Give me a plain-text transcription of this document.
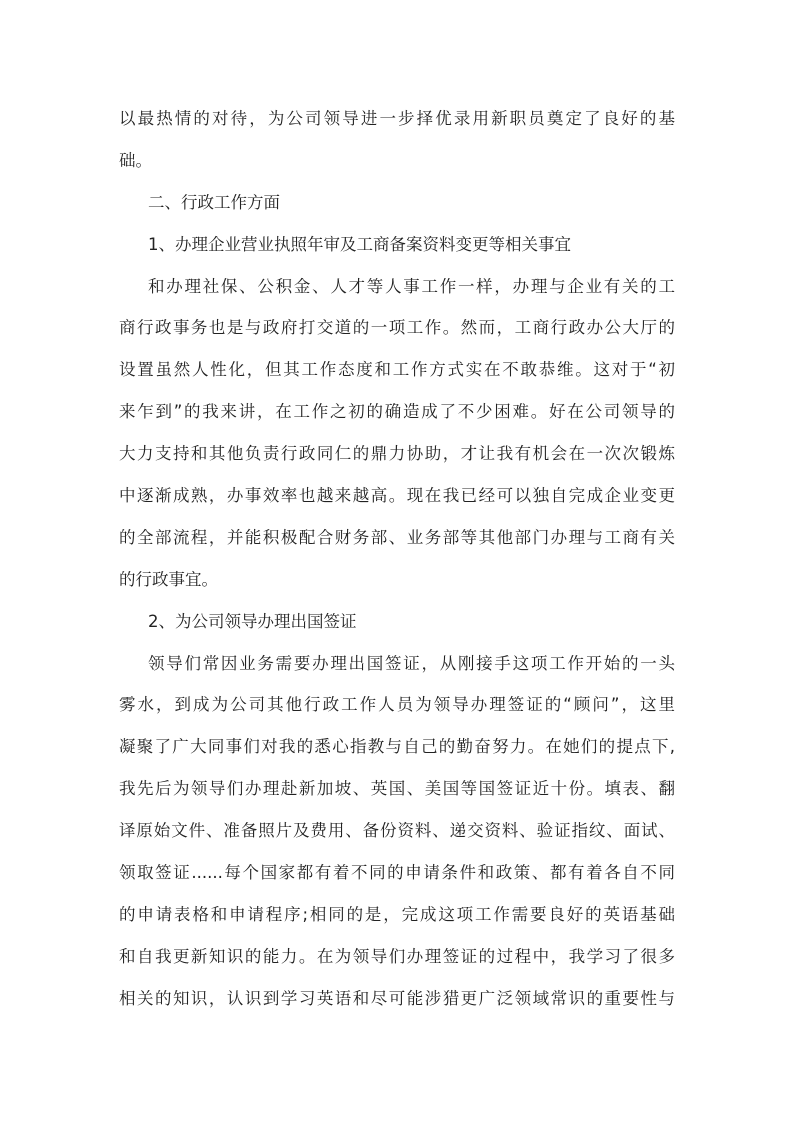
以最热情的对待，为公司领导进一步择优录用新职员奠定了良好的基
础。
二、行政工作方面
1、办理企业营业执照年审及工商备案资料变更等相关事宜
和办理社保、公积金、人才等人事工作一样，办理与企业有关的工
商行政事务也是与政府打交道的一项工作。然而，工商行政办公大厅的
设置虽然人性化，但其工作态度和工作方式实在不敢恭维。这对于“初
来乍到”的我来讲，在工作之初的确造成了不少困难。好在公司领导的
大力支持和其他负责行政同仁的鼎力协助，才让我有机会在一次次锻炼
中逐渐成熟，办事效率也越来越高。现在我已经可以独自完成企业变更
的全部流程，并能积极配合财务部、业务部等其他部门办理与工商有关
的行政事宜。
2、为公司领导办理出国签证
领导们常因业务需要办理出国签证，从刚接手这项工作开始的一头
雾水，到成为公司其他行政工作人员为领导办理签证的“顾问”，这里
凝聚了广大同事们对我的悉心指教与自己的勤奋努力。在她们的提点下,
我先后为领导们办理赴新加坡、英国、美国等国签证近十份。填表、翻
译原始文件、准备照片及费用、备份资料、递交资料、验证指纹、面试、
领取签证......每个国家都有着不同的申请条件和政策、都有着各自不同
的申请表格和申请程序;相同的是，完成这项工作需要良好的英语基础
和自我更新知识的能力。在为领导们办理签证的过程中，我学习了很多
相关的知识，认识到学习英语和尽可能涉猎更广泛领域常识的重要性与
